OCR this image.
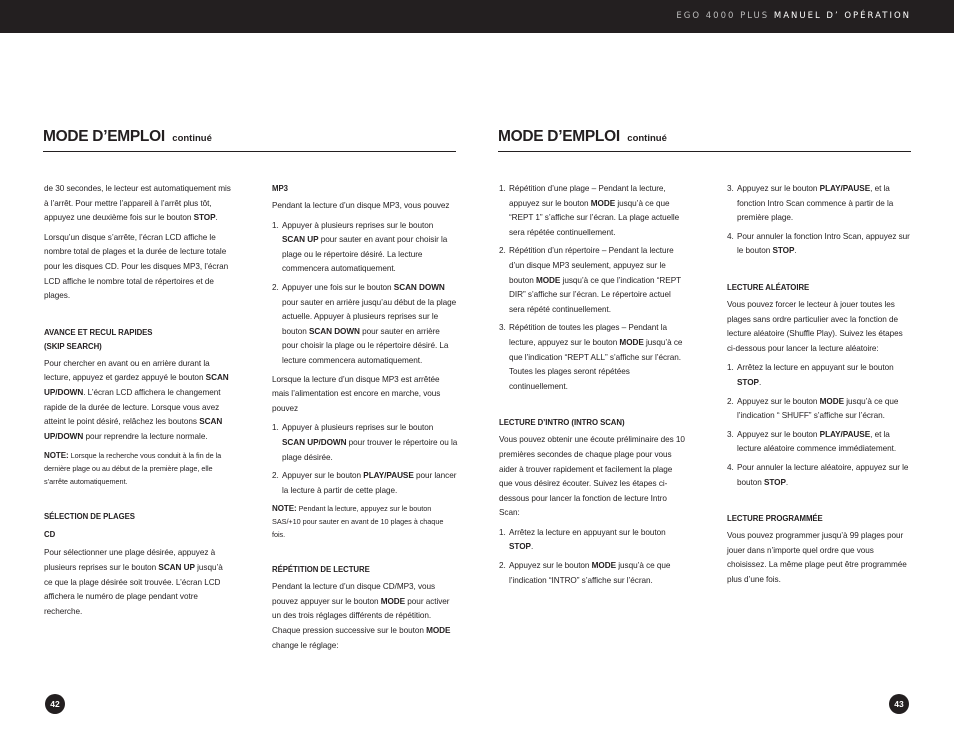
EGO 4000 PLUS MANUEL D’ OPÉRATION
MODE D’EMPLOI continué	MODE D’EMPLOI continué

de 30 secondes, le lecteur est automatiquement mis à l’arrêt. Pour mettre l’appareil à l’arrêt plus tôt, appuyez une deuxième fois sur le bouton STOP.

Lorsqu’un disque s’arrête, l’écran LCD affiche le nombre total de plages et la durée de lecture totale pour les disques CD. Pour les disques MP3, l’écran LCD affiche le nombre total de répertoires et de plages.

AVANCE ET RECUL RAPIDES
(SKIP SEARCH)

Pour chercher en avant ou en arrière durant la lecture, appuyez et gardez appuyé le bouton SCAN UP/DOWN. L’écran LCD affichera le changement rapide de la durée de lecture. Lorsque vous avez atteint le point désiré, relâchez les boutons SCAN UP/DOWN pour reprendre la lecture normale.

NOTE: Lorsque la recherche vous conduit à la fin de la dernière plage ou au début de la première plage, elle s’arrête automatiquement.

SÉLECTION DE PLAGES
CD

Pour sélectionner une plage désirée, appuyez à plusieurs reprises sur le bouton SCAN UP jusqu’à ce que la plage désirée soit trouvée. L’écran LCD affichera le numéro de plage pendant votre recherche.

MP3

Pendant la lecture d’un disque MP3, vous pouvez

1. Appuyer à plusieurs reprises sur le bouton SCAN UP pour sauter en avant pour choisir la plage ou le répertoire désiré. La lecture commencera automatiquement.
2. Appuyer une fois sur le bouton SCAN DOWN pour sauter en arrière jusqu’au début de la plage actuelle. Appuyer à plusieurs reprises sur le bouton SCAN DOWN pour sauter en arrière pour choisir la plage ou le répertoire désiré. La lecture commencera automatiquement.

Lorsque la lecture d’un disque MP3 est arrêtée mais l’alimentation est encore en marche, vous pouvez

1. Appuyer à plusieurs reprises sur le bouton SCAN UP/DOWN pour trouver le répertoire ou la plage désirée.
2. Appuyer sur le bouton PLAY/PAUSE pour lancer la lecture à partir de cette plage.

NOTE: Pendant la lecture, appuyez sur le bouton SAS/+10 pour sauter en avant de 10 plages à chaque fois.

RÉPÉTITION DE LECTURE

Pendant la lecture d’un disque CD/MP3, vous pouvez appuyer sur le bouton MODE pour activer un des trois réglages différents de répétition. Chaque pression successive sur le bouton MODE change le réglage:

1. Répétition d’une plage – Pendant la lecture, appuyez sur le bouton MODE jusqu’à ce que “REPT 1” s’affiche sur l’écran. La plage actuelle sera répétée continuellement.
2. Répétition d’un répertoire – Pendant la lecture d’un disque MP3 seulement, appuyez sur le bouton MODE jusqu’à ce que l’indication “REPT DIR” s’affiche sur l’écran. Le répertoire actuel sera répété continuellement.
3. Répétition de toutes les plages – Pendant la lecture, appuyez sur le bouton MODE jusqu’à ce que l’indication “REPT ALL” s’affiche sur l’écran. Toutes les plages seront répétées continuellement.
LECTURE D’INTRO (INTRO SCAN)

Vous pouvez obtenir une écoute préliminaire des 10 premières secondes de chaque plage pour vous aider à trouver rapidement et facilement la plage que vous désirez écouter. Suivez les étapes ci-dessous pour lancer la fonction de lecture Intro Scan:

1. Arrêtez la lecture en appuyant sur le bouton STOP.
2. Appuyez sur le bouton MODE jusqu’à ce que l’indication “INTRO” s’affiche sur l’écran.
3. Appuyez sur le bouton PLAY/PAUSE, et la fonction Intro Scan commence à partir de la première plage.
4. Pour annuler la fonction Intro Scan, appuyez sur le bouton STOP.
LECTURE ALÉATOIRE

Vous pouvez forcer le lecteur à jouer toutes les plages sans ordre particulier avec la fonction de lecture aléatoire (Shuffle Play). Suivez les étapes ci-dessous pour lancer la lecture aléatoire:

1. Arrêtez la lecture en appuyant sur le bouton STOP.
2. Appuyez sur le bouton MODE jusqu’à ce que l’indication “ SHUFF” s’affiche sur l’écran.
3. Appuyez sur le bouton PLAY/PAUSE, et la lecture aléatoire commence immédiatement.
4. Pour annuler la lecture aléatoire, appuyez sur le bouton STOP.
LECTURE PROGRAMMÉE

Vous pouvez programmer jusqu’à 99 plages pour jouer dans n’importe quel ordre que vous choisissez. La même plage peut être programmée plus d’une fois.

42	43
